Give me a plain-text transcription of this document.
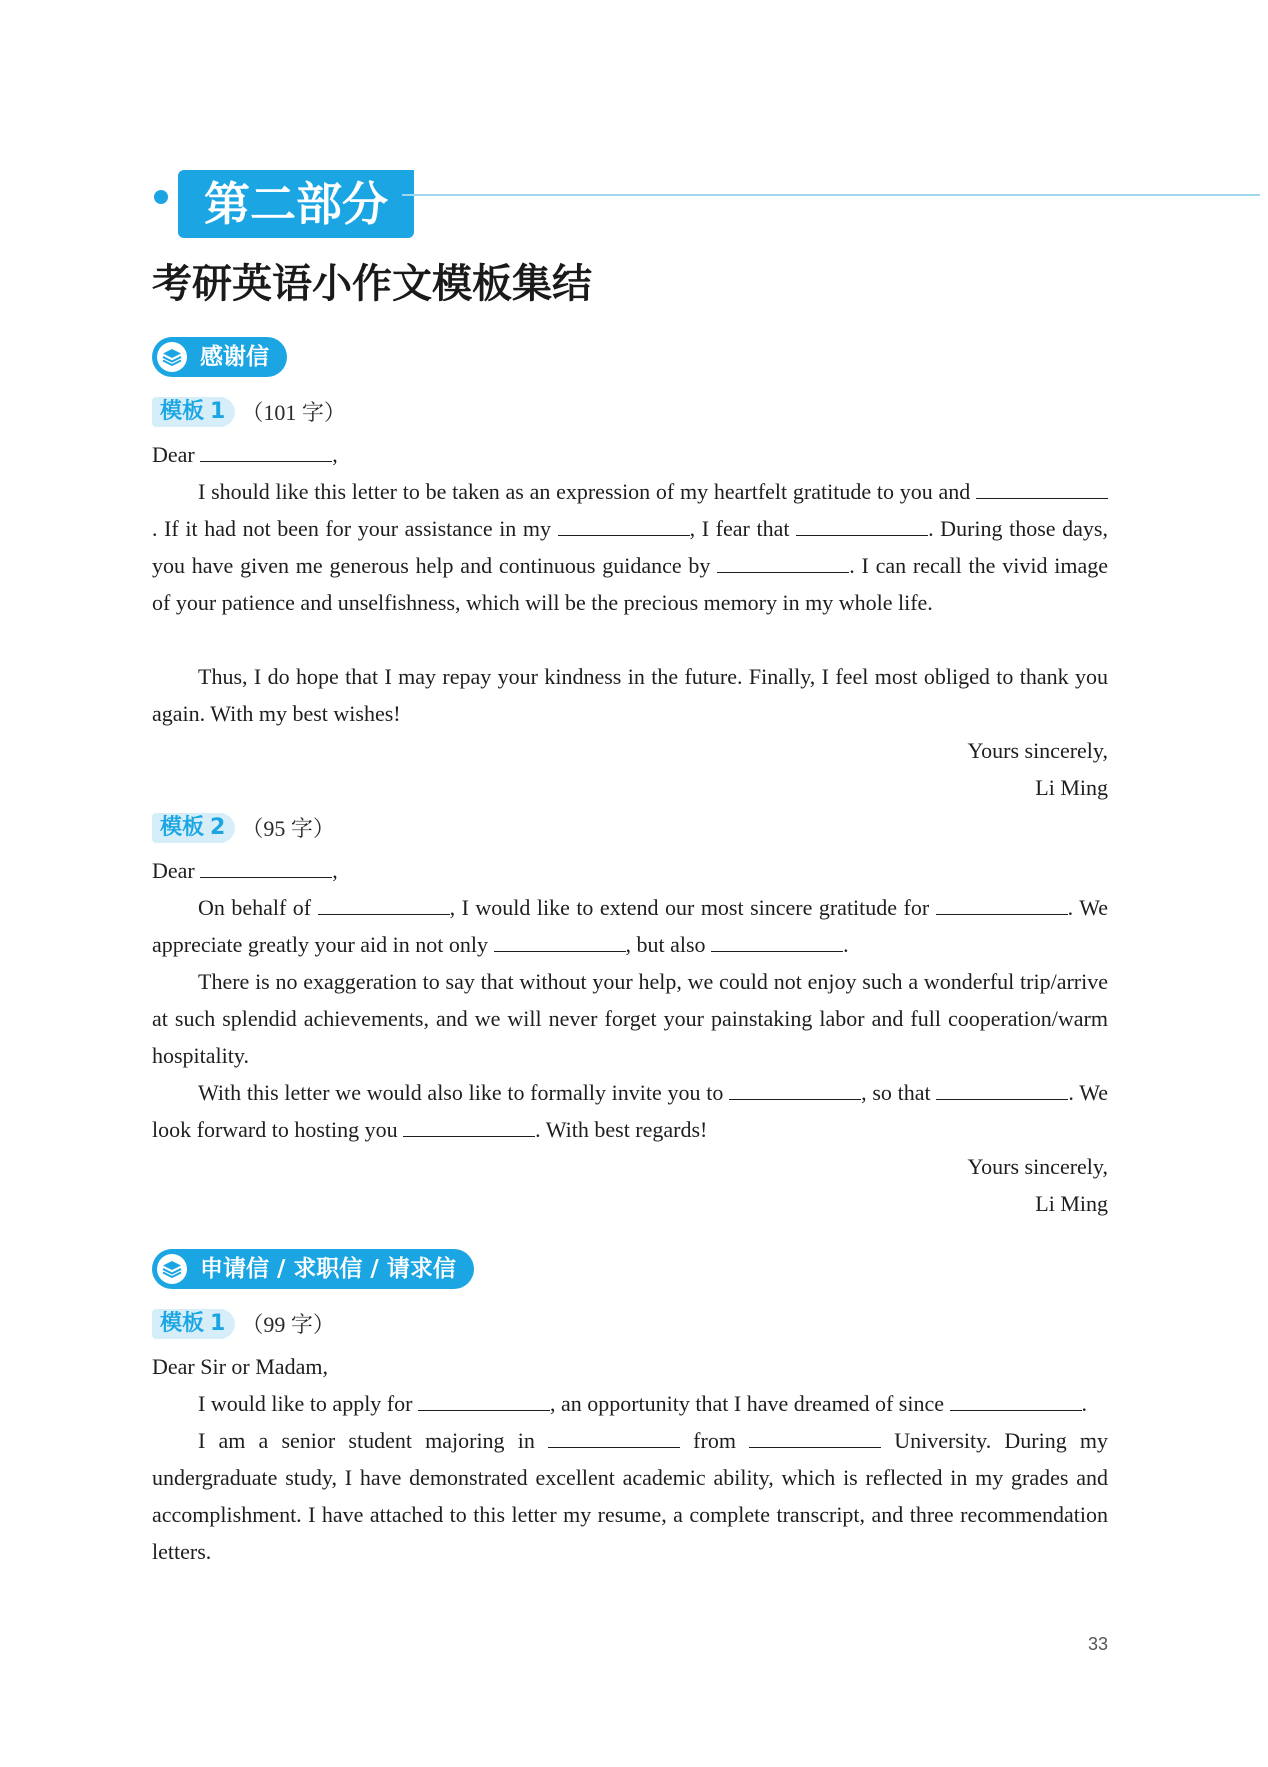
第二部分
考研英语小作文模板集结
感谢信
模板 1 （101 字）

Dear	,

I should like this letter to be taken as an expression of my heartfelt gratitude to you and . If it had not been for your assistance in my	, I fear that	. During those days, you have given me generous help and continuous guidance by	. I can recall the vivid image of your patience and unselfishness, which will be the precious memory in my whole life.

Thus, I do hope that I may repay your kindness in the future. Finally, I feel most obliged to thank you again. With my best wishes!

Yours sincerely,

Li Ming

模板 2 （95 字）

Dear	,

On behalf of	, I would like to extend our most sincere gratitude for	. We appreciate greatly your aid in not only	, but also	.

There is no exaggeration to say that without your help, we could not enjoy such a wonderful trip/arrive at such splendid achievements, and we will never forget your painstaking labor and full cooperation/warm hospitality.

With this letter we would also like to formally invite you to	, so that	. We look forward to hosting you	. With best regards!

Yours sincerely,

Li Ming

申请信 / 求职信 / 请求信
模板 1 （99 字）

Dear Sir or Madam,

I would like to apply for	, an opportunity that I have dreamed of since	.

I am a senior student majoring in	from	University. During my undergraduate study, I have demonstrated excellent academic ability, which is reflected in my grades and accomplishment. I have attached to this letter my resume, a complete transcript, and three recommendation letters.

33
